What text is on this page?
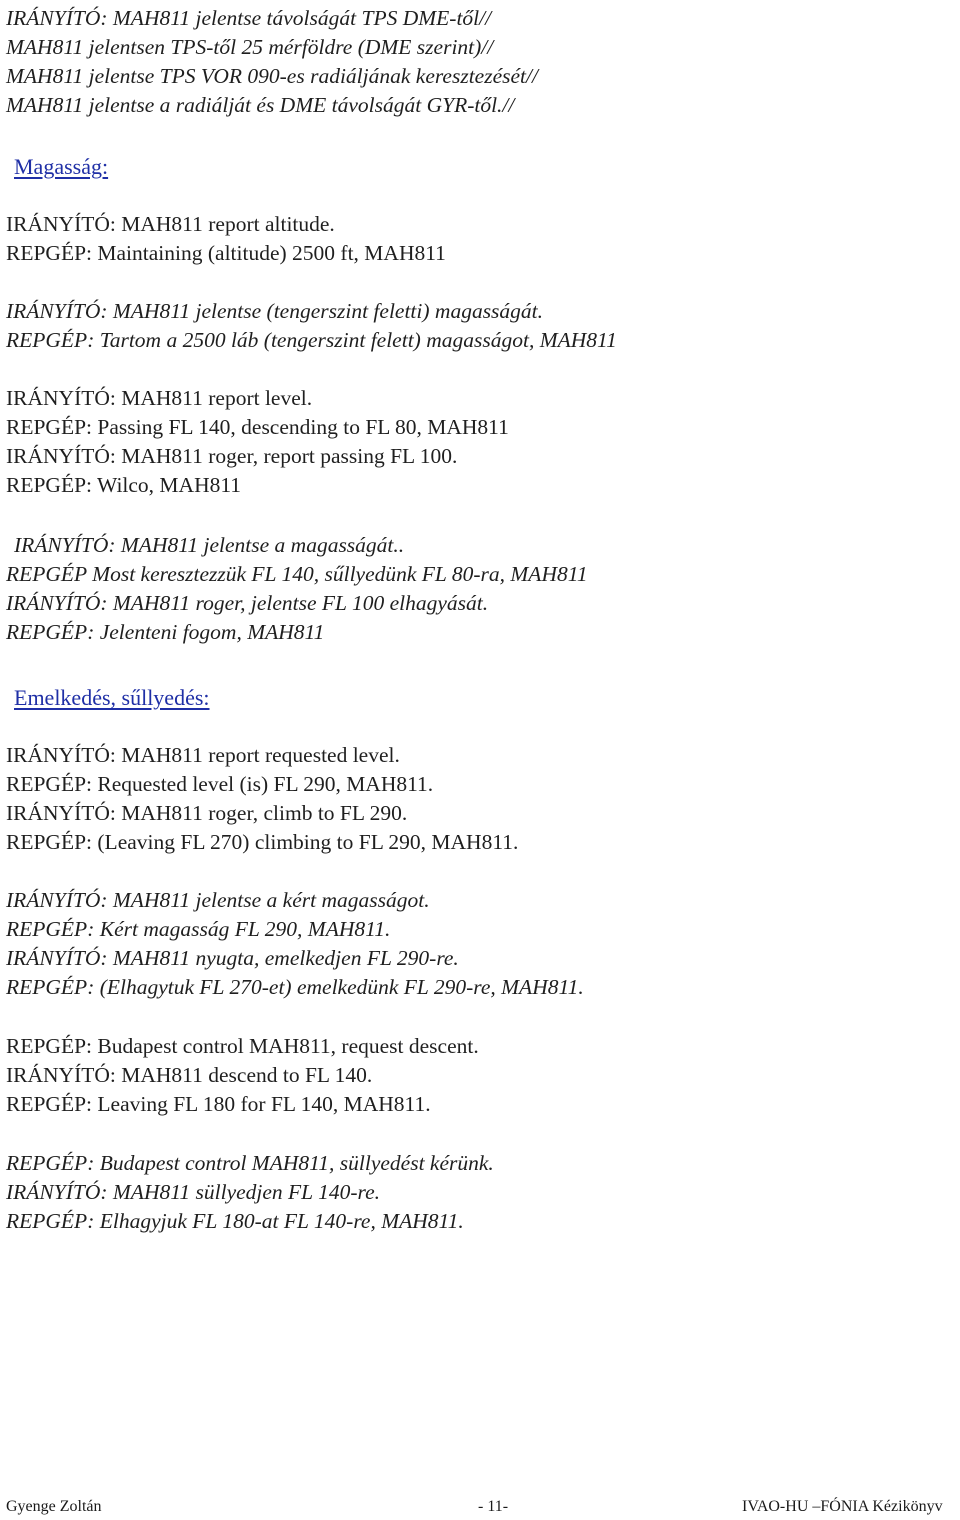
IRÁNYÍTÓ: MAH811 jelentse távolságát TPS DME-től//
MAH811 jelentsen TPS-től 25 mérföldre (DME szerint)//
MAH811 jelentse TPS VOR 090-es radiáljának keresztezését//
MAH811 jelentse a radiálját és DME távolságát GYR-től.//
Magasság:
IRÁNYÍTÓ: MAH811 report altitude.
REPGÉP: Maintaining (altitude) 2500 ft, MAH811
IRÁNYÍTÓ: MAH811 jelentse (tengerszint feletti) magasságát.
REPGÉP: Tartom a 2500 láb (tengerszint felett) magasságot, MAH811
IRÁNYÍTÓ: MAH811 report level.
REPGÉP: Passing FL 140, descending to FL 80, MAH811
IRÁNYÍTÓ: MAH811 roger, report passing FL 100.
REPGÉP: Wilco, MAH811
IRÁNYÍTÓ: MAH811 jelentse a magasságát..
REPGÉP Most keresztezzük FL 140, sűllyedünk FL 80-ra, MAH811
IRÁNYÍTÓ: MAH811 roger, jelentse FL 100 elhagyását.
REPGÉP: Jelenteni fogom, MAH811
Emelkedés, sűllyedés:
IRÁNYÍTÓ: MAH811 report requested level.
REPGÉP: Requested level (is) FL 290, MAH811.
IRÁNYÍTÓ: MAH811 roger, climb to FL 290.
REPGÉP: (Leaving FL 270) climbing to FL 290, MAH811.
IRÁNYÍTÓ: MAH811 jelentse a kért magasságot.
REPGÉP: Kért magasság FL 290, MAH811.
IRÁNYÍTÓ: MAH811 nyugta, emelkedjen FL 290-re.
REPGÉP: (Elhagytuk FL 270-et) emelkedünk FL 290-re, MAH811.
REPGÉP: Budapest control MAH811, request descent.
IRÁNYÍTÓ: MAH811 descend to FL 140.
REPGÉP: Leaving FL 180 for FL 140, MAH811.
REPGÉP: Budapest control MAH811, süllyedést kérünk.
IRÁNYÍTÓ: MAH811 süllyedjen FL 140-re.
REPGÉP: Elhagyjuk FL 180-at FL 140-re, MAH811.
Gyenge Zoltán	- 11-	IVAO-HU –FÓNIA Kézikönyv
